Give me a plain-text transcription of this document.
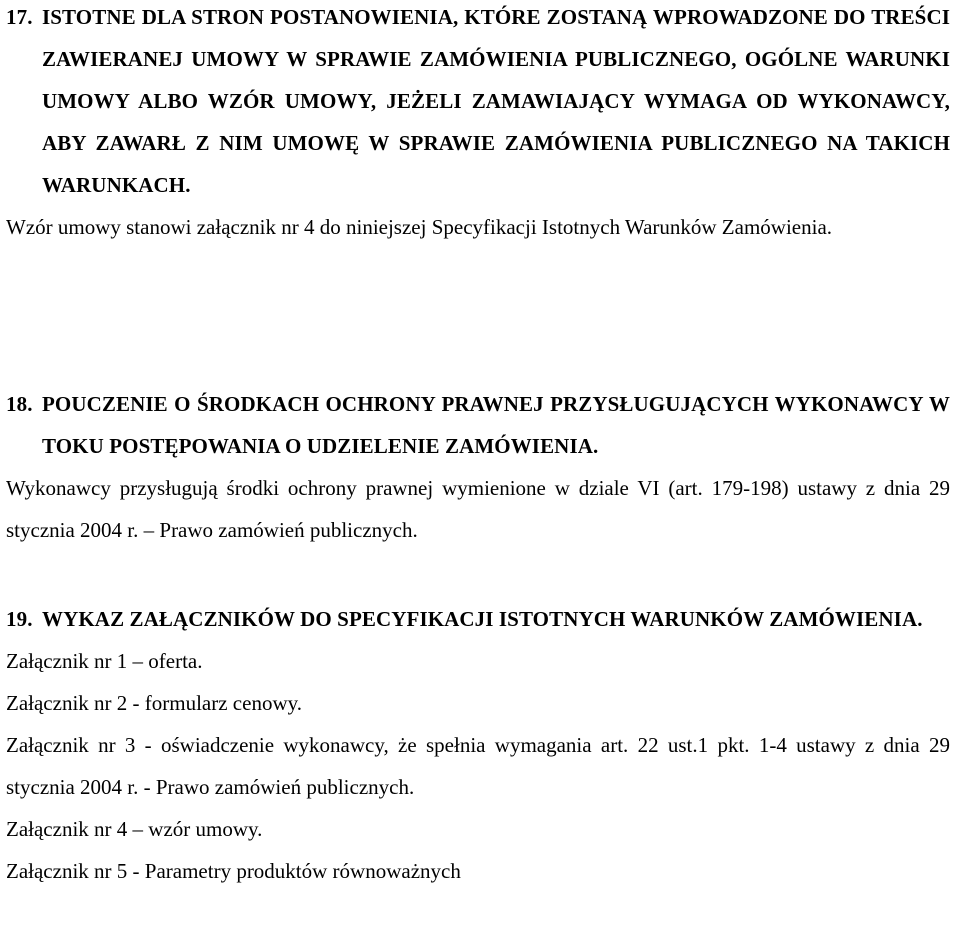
17. ISTOTNE DLA STRON POSTANOWIENIA, KTÓRE ZOSTANĄ WPROWADZONE DO TREŚCI ZAWIERANEJ UMOWY W SPRAWIE ZAMÓWIENIA PUBLICZNEGO, OGÓLNE WARUNKI UMOWY ALBO WZÓR UMOWY, JEŻELI ZAMAWIAJĄCY WYMAGA OD WYKONAWCY, ABY ZAWARŁ Z NIM UMOWĘ W SPRAWIE ZAMÓWIENIA PUBLICZNEGO NA TAKICH WARUNKACH.
Wzór umowy stanowi załącznik nr 4 do niniejszej Specyfikacji Istotnych Warunków Zamówienia.
18. POUCZENIE O ŚRODKACH OCHRONY PRAWNEJ PRZYSŁUGUJĄCYCH WYKONAWCY W TOKU POSTĘPOWANIA O UDZIELENIE ZAMÓWIENIA.
Wykonawcy przysługują środki ochrony prawnej wymienione w dziale VI (art. 179-198) ustawy z dnia 29 stycznia 2004 r. – Prawo zamówień publicznych.
19. WYKAZ ZAŁĄCZNIKÓW DO SPECYFIKACJI ISTOTNYCH WARUNKÓW ZAMÓWIENIA.
Załącznik nr 1 – oferta.
Załącznik nr 2 - formularz cenowy.
Załącznik nr 3 - oświadczenie wykonawcy, że spełnia wymagania art. 22 ust.1 pkt. 1-4 ustawy z dnia 29 stycznia 2004 r. - Prawo zamówień publicznych.
Załącznik nr 4 – wzór umowy.
Załącznik nr 5 - Parametry produktów równoważnych
